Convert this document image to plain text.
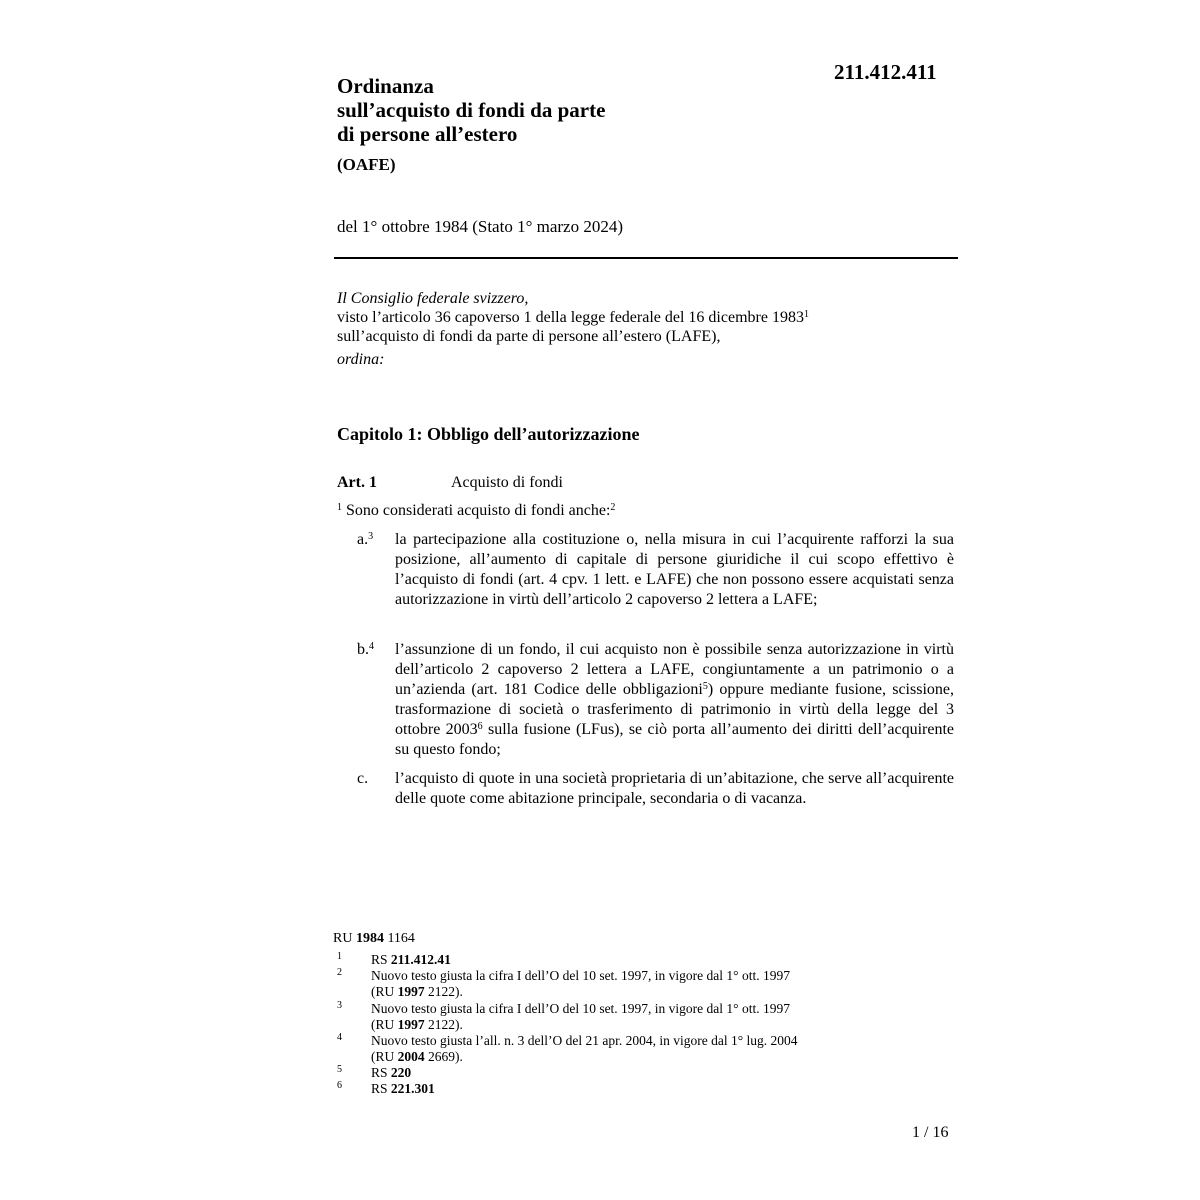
211.412.411
Ordinanza
sull’acquisto di fondi da parte
di persone all’estero
(OAFE)
del 1° ottobre 1984 (Stato 1° marzo 2024)
Il Consiglio federale svizzero,
visto l’articolo 36 capoverso 1 della legge federale del 16 dicembre 1983$^1$
sull’acquisto di fondi da parte di persone all’estero (LAFE),
ordina:
Capitolo 1: Obbligo dell’autorizzazione
Art. 1	Acquisto di fondi
$^1$ Sono considerati acquisto di fondi anche:$^2$
a.$^3$ la partecipazione alla costituzione o, nella misura in cui l’acquirente rafforzi la sua posizione, all’aumento di capitale di persone giuridiche il cui scopo effettivo è l’acquisto di fondi (art. 4 cpv. 1 lett. e LAFE) che non possono essere acquistati senza autorizzazione in virtù dell’articolo 2 capoverso 2 lettera a LAFE;
b.$^4$ l’assunzione di un fondo, il cui acquisto non è possibile senza autorizzazione in virtù dell’articolo 2 capoverso 2 lettera a LAFE, congiuntamente a un patrimonio o a un’azienda (art. 181 Codice delle obbligazioni$^5$) oppure mediante fusione, scissione, trasformazione di società o trasferimento di patrimonio in virtù della legge del 3 ottobre 2003$^6$ sulla fusione (LFus), se ciò porta all’aumento dei diritti dell’acquirente su questo fondo;
c. l’acquisto di quote in una società proprietaria di un’abitazione, che serve all’acquirente delle quote come abitazione principale, secondaria o di vacanza.
RU 1984 1164
1 RS 211.412.41
2 Nuovo testo giusta la cifra I dell’O del 10 set. 1997, in vigore dal 1° ott. 1997
(RU 1997 2122).
3 Nuovo testo giusta la cifra I dell’O del 10 set. 1997, in vigore dal 1° ott. 1997
(RU 1997 2122).
4 Nuovo testo giusta l’all. n. 3 dell’O del 21 apr. 2004, in vigore dal 1° lug. 2004
(RU 2004 2669).
5 RS 220
6 RS 221.301
1 / 16
